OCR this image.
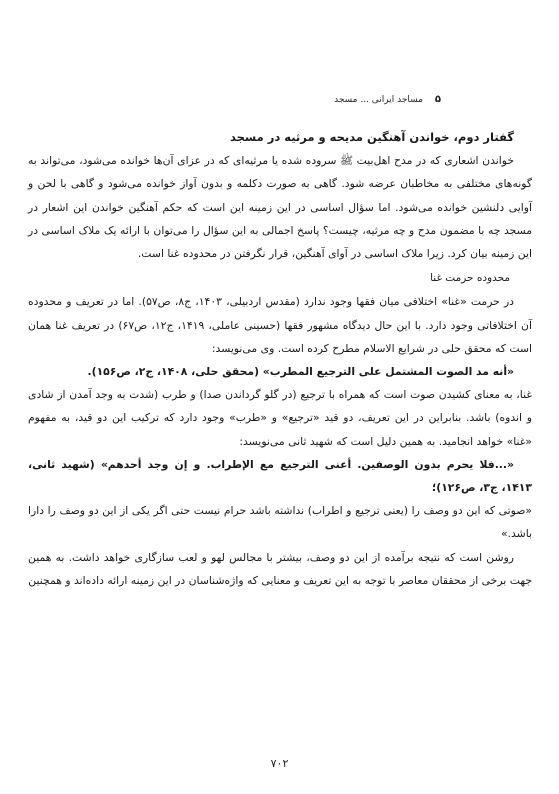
۵
مساجد ایرانی ... مسجد

گفتار دوم، خواندن آهنگین مدیحه و مرثیه در مسجد

خواندن اشعاری که در مدح اهل‌بیت ﷺ سروده شده یا مرثیه‌ای که در عزای آن‌ها خوانده می‌شود، می‌تواند به گونه‌های مختلفی به مخاطبان عرضه شود. گاهی به صورت دکلمه و بدون آواز خوانده می‌شود و گاهی با لحن و آوایی دلنشین خوانده می‌شود. اما سؤال اساسی در این زمینه این است که حکم آهنگین خواندن این اشعار در مسجد چه با مضمون مدح و چه مرثیه، چیست؟ پاسخ اجمالی به این سؤال را می‌توان با ارائه یک ملاک اساسی در این زمینه بیان کرد. زیرا ملاک اساسی در آوای آهنگین، قرار نگرفتن در محدوده غنا است.

محدوده حرمت غنا

در حرمت «غنا» اختلافی میان فقها وجود ندارد (مقدس اردبیلی، ۱۴۰۳، ج۸، ص۵۷). اما در تعریف و محدوده آن اختلافاتی وجود دارد. با این حال دیدگاه مشهور فقها (حسینی عاملی، ۱۴۱۹، ج۱۲، ص۶۷) در تعریف غنا همان است که محقق حلی در شرایع الاسلام مطرح کرده است. وی می‌نویسد:

«أنه مد الصوت المشتمل علی الترجیع المطرب» (محقق حلی، ۱۴۰۸، ج۲، ص۱۵۶).

غنا، به معنای کشیدن صوت است که همراه با ترجیع (در گلو گرداندن صدا) و طرب (شدت به وجد آمدن از شادی و اندوه) باشد. بنابراین در این تعریف، دو قید «ترجیع» و «طرب» وجود دارد که ترکیب این دو قید، به مفهوم «غنا» خواهد انجامید. به همین دلیل است که شهید ثانی می‌نویسد:

«...فلا یحرم بدون الوصفین. أعنی الترجیع مع الإطراب. و إن وجد أحدهم» (شهید ثانی، ۱۴۱۳، ج۳، ص۱۲۶)؛

«صوتی که این دو وصف را (یعنی ترجیع و اطراب) نداشته باشد حرام نیست حتی اگر یکی از این دو وصف را دارا باشد.»

روشن است که نتیجه برآمده از این دو وصف، بیشتر با مجالس لهو و لعب سازگاری خواهد داشت. به همین جهت برخی از محققان معاصر با توجه به این تعریف و معنایی که واژه‌شناسان در این زمینه ارائه داده‌اند و همچنین

۷۰۲
